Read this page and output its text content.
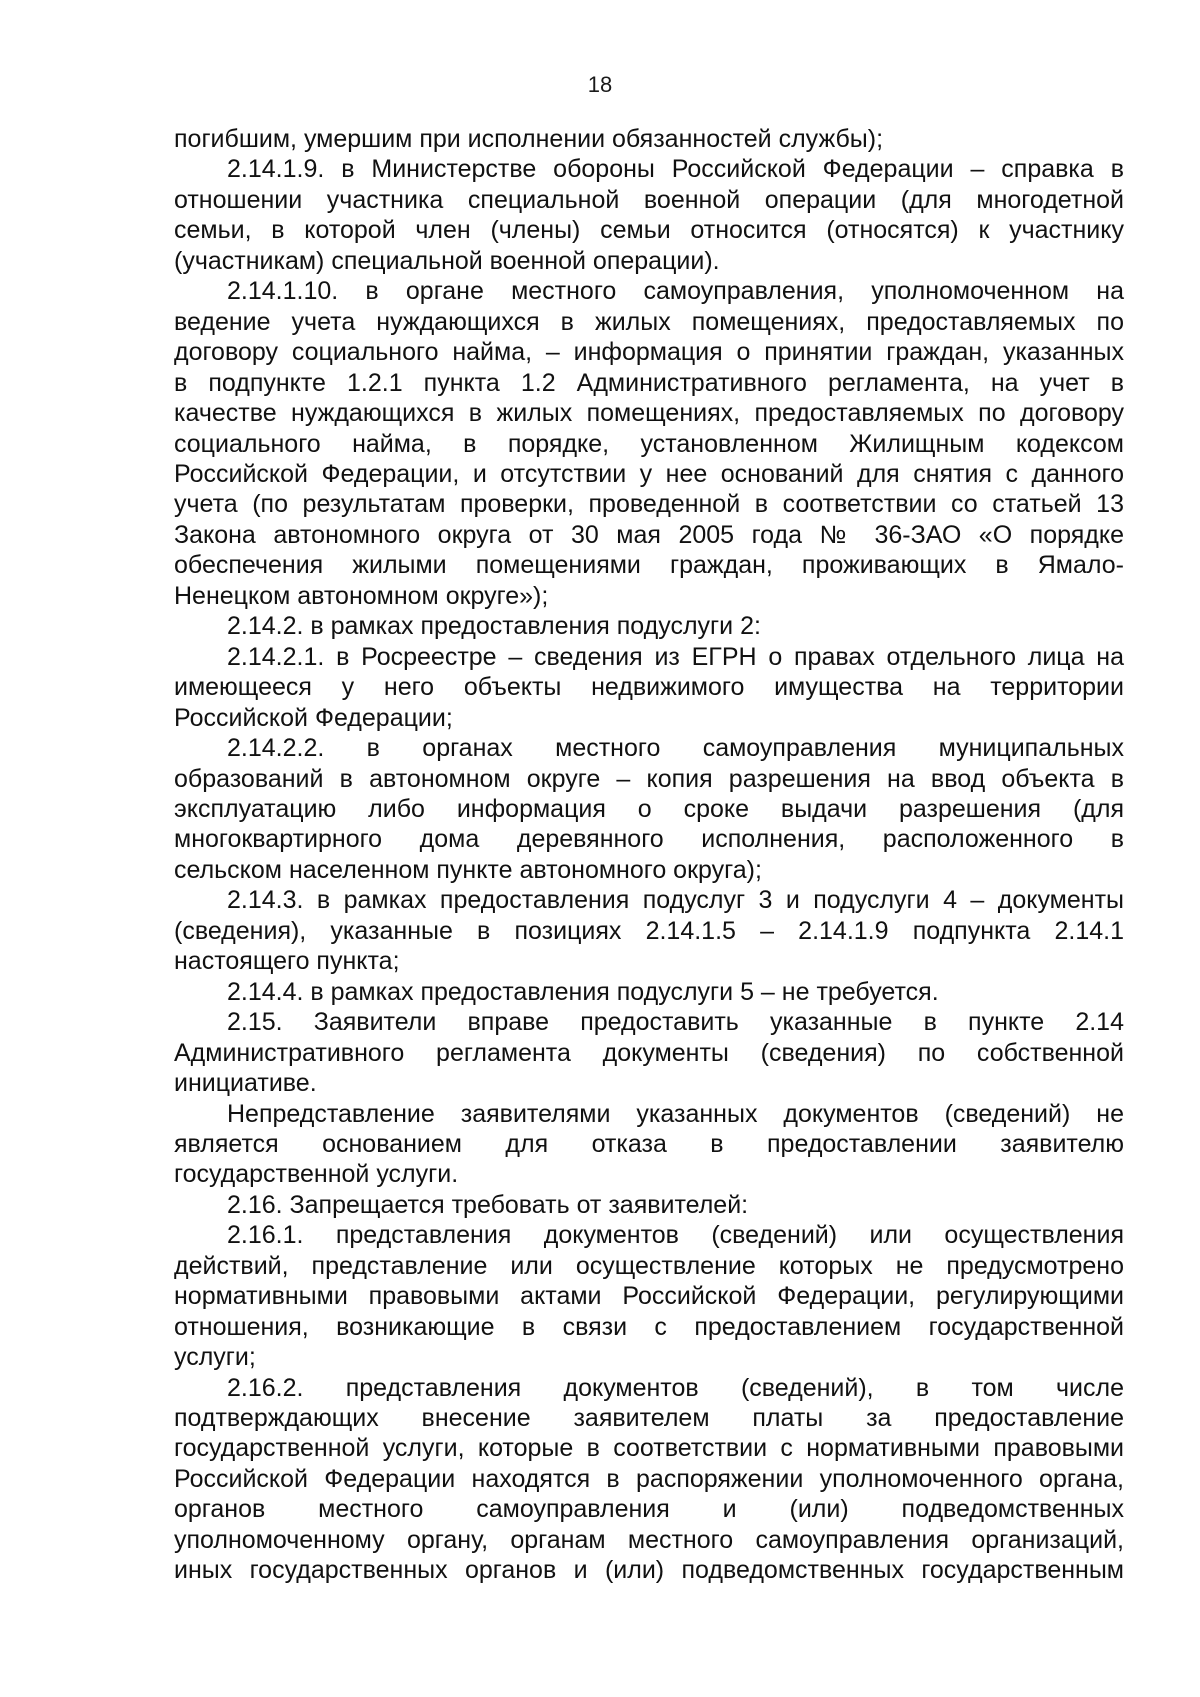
18
погибшим, умершим при исполнении обязанностей службы);
2.14.1.9. в Министерстве обороны Российской Федерации – справка в
отношении участника специальной военной операции (для многодетной
семьи, в которой член (члены) семьи относится (относятся) к участнику
(участникам) специальной военной операции).
2.14.1.10. в органе местного самоуправления, уполномоченном на
ведение учета нуждающихся в жилых помещениях, предоставляемых по
договору социального найма, – информация о принятии граждан, указанных
в подпункте 1.2.1 пункта 1.2 Административного регламента, на учет в
качестве нуждающихся в жилых помещениях, предоставляемых по договору
социального найма, в порядке, установленном Жилищным кодексом
Российской Федерации, и отсутствии у нее оснований для снятия с данного
учета (по результатам проверки, проведенной в соответствии со статьей 13
Закона автономного округа от 30 мая 2005 года № 36-ЗАО «О порядке
обеспечения жилыми помещениями граждан, проживающих в Ямало-
Ненецком автономном округе»);
2.14.2. в рамках предоставления подуслуги 2:
2.14.2.1. в Росреестре – сведения из ЕГРН о правах отдельного лица на
имеющееся у него объекты недвижимого имущества на территории
Российской Федерации;
2.14.2.2. в органах местного самоуправления муниципальных
образований в автономном округе – копия разрешения на ввод объекта в
эксплуатацию либо информация о сроке выдачи разрешения (для
многоквартирного дома деревянного исполнения, расположенного в
сельском населенном пункте автономного округа);
2.14.3. в рамках предоставления подуслуг 3 и подуслуги 4 – документы
(сведения), указанные в позициях 2.14.1.5 – 2.14.1.9 подпункта 2.14.1
настоящего пункта;
2.14.4. в рамках предоставления подуслуги 5 – не требуется.
2.15. Заявители вправе предоставить указанные в пункте 2.14
Административного регламента документы (сведения) по собственной
инициативе.
Непредставление заявителями указанных документов (сведений) не
является основанием для отказа в предоставлении заявителю
государственной услуги.
2.16. Запрещается требовать от заявителей:
2.16.1. представления документов (сведений) или осуществления
действий, представление или осуществление которых не предусмотрено
нормативными правовыми актами Российской Федерации, регулирующими
отношения, возникающие в связи с предоставлением государственной
услуги;
2.16.2. представления документов (сведений), в том числе
подтверждающих внесение заявителем платы за предоставление
государственной услуги, которые в соответствии с нормативными правовыми
Российской Федерации находятся в распоряжении уполномоченного органа,
органов местного самоуправления и (или) подведомственных
уполномоченному органу, органам местного самоуправления организаций,
иных государственных органов и (или) подведомственных государственным
